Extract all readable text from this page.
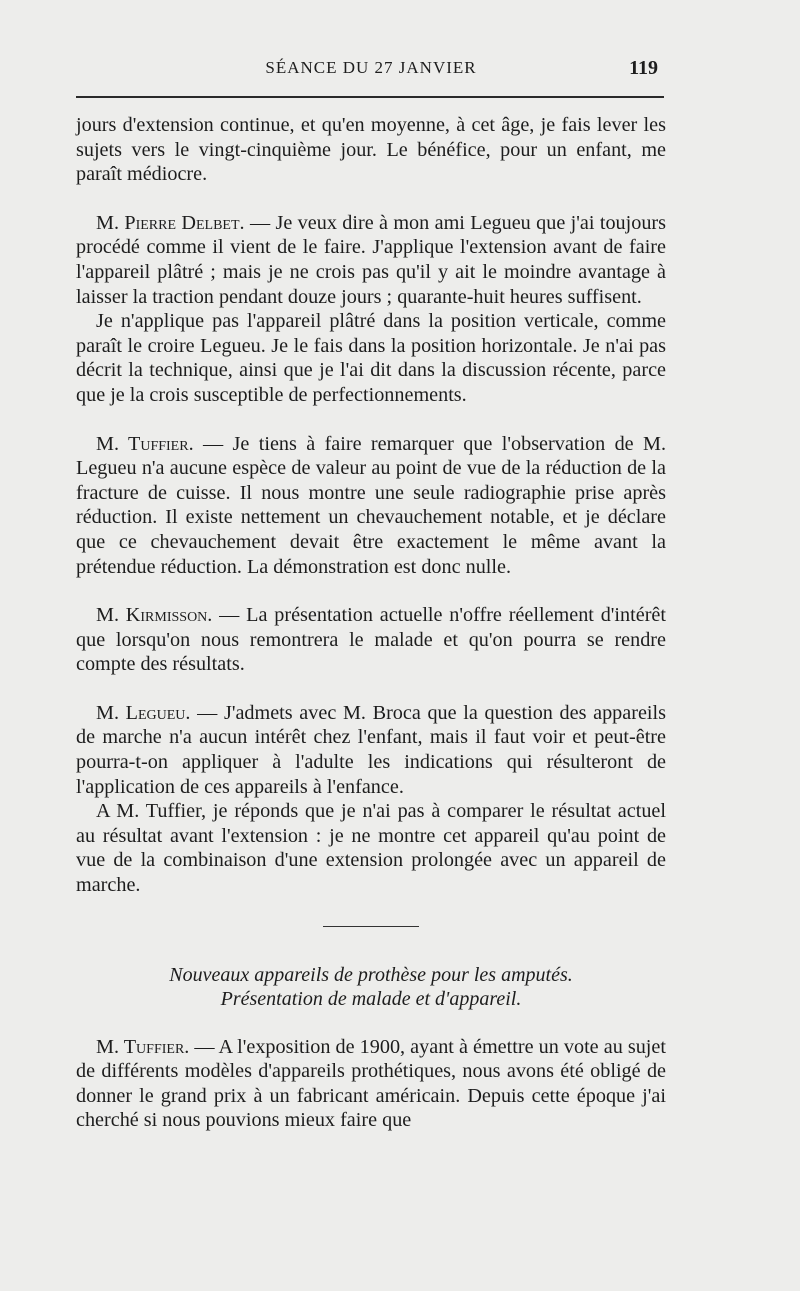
SÉANCE DU 27 JANVIER	119

jours d'extension continue, et qu'en moyenne, à cet âge, je fais lever les sujets vers le vingt-cinquième jour. Le bénéfice, pour un enfant, me paraît médiocre.

M. Pierre Delbet. — Je veux dire à mon ami Legueu que j'ai toujours procédé comme il vient de le faire. J'applique l'extension avant de faire l'appareil plâtré ; mais je ne crois pas qu'il y ait le moindre avantage à laisser la traction pendant douze jours ; quarante-huit heures suffisent.

Je n'applique pas l'appareil plâtré dans la position verticale, comme paraît le croire Legueu. Je le fais dans la position horizontale. Je n'ai pas décrit la technique, ainsi que je l'ai dit dans la discussion récente, parce que je la crois susceptible de perfectionnements.

M. Tuffier. — Je tiens à faire remarquer que l'observation de M. Legueu n'a aucune espèce de valeur au point de vue de la réduction de la fracture de cuisse. Il nous montre une seule radiographie prise après réduction. Il existe nettement un chevauchement notable, et je déclare que ce chevauchement devait être exactement le même avant la prétendue réduction. La démonstration est donc nulle.

M. Kirmisson. — La présentation actuelle n'offre réellement d'intérêt que lorsqu'on nous remontrera le malade et qu'on pourra se rendre compte des résultats.

M. Legueu. — J'admets avec M. Broca que la question des appareils de marche n'a aucun intérêt chez l'enfant, mais il faut voir et peut-être pourra-t-on appliquer à l'adulte les indications qui résulteront de l'application de ces appareils à l'enfance.

A M. Tuffier, je réponds que je n'ai pas à comparer le résultat actuel au résultat avant l'extension : je ne montre cet appareil qu'au point de vue de la combinaison d'une extension prolongée avec un appareil de marche.

Nouveaux appareils de prothèse pour les amputés.
Présentation de malade et d'appareil.

M. Tuffier. — A l'exposition de 1900, ayant à émettre un vote au sujet de différents modèles d'appareils prothétiques, nous avons été obligé de donner le grand prix à un fabricant américain. Depuis cette époque j'ai cherché si nous pouvions mieux faire que
